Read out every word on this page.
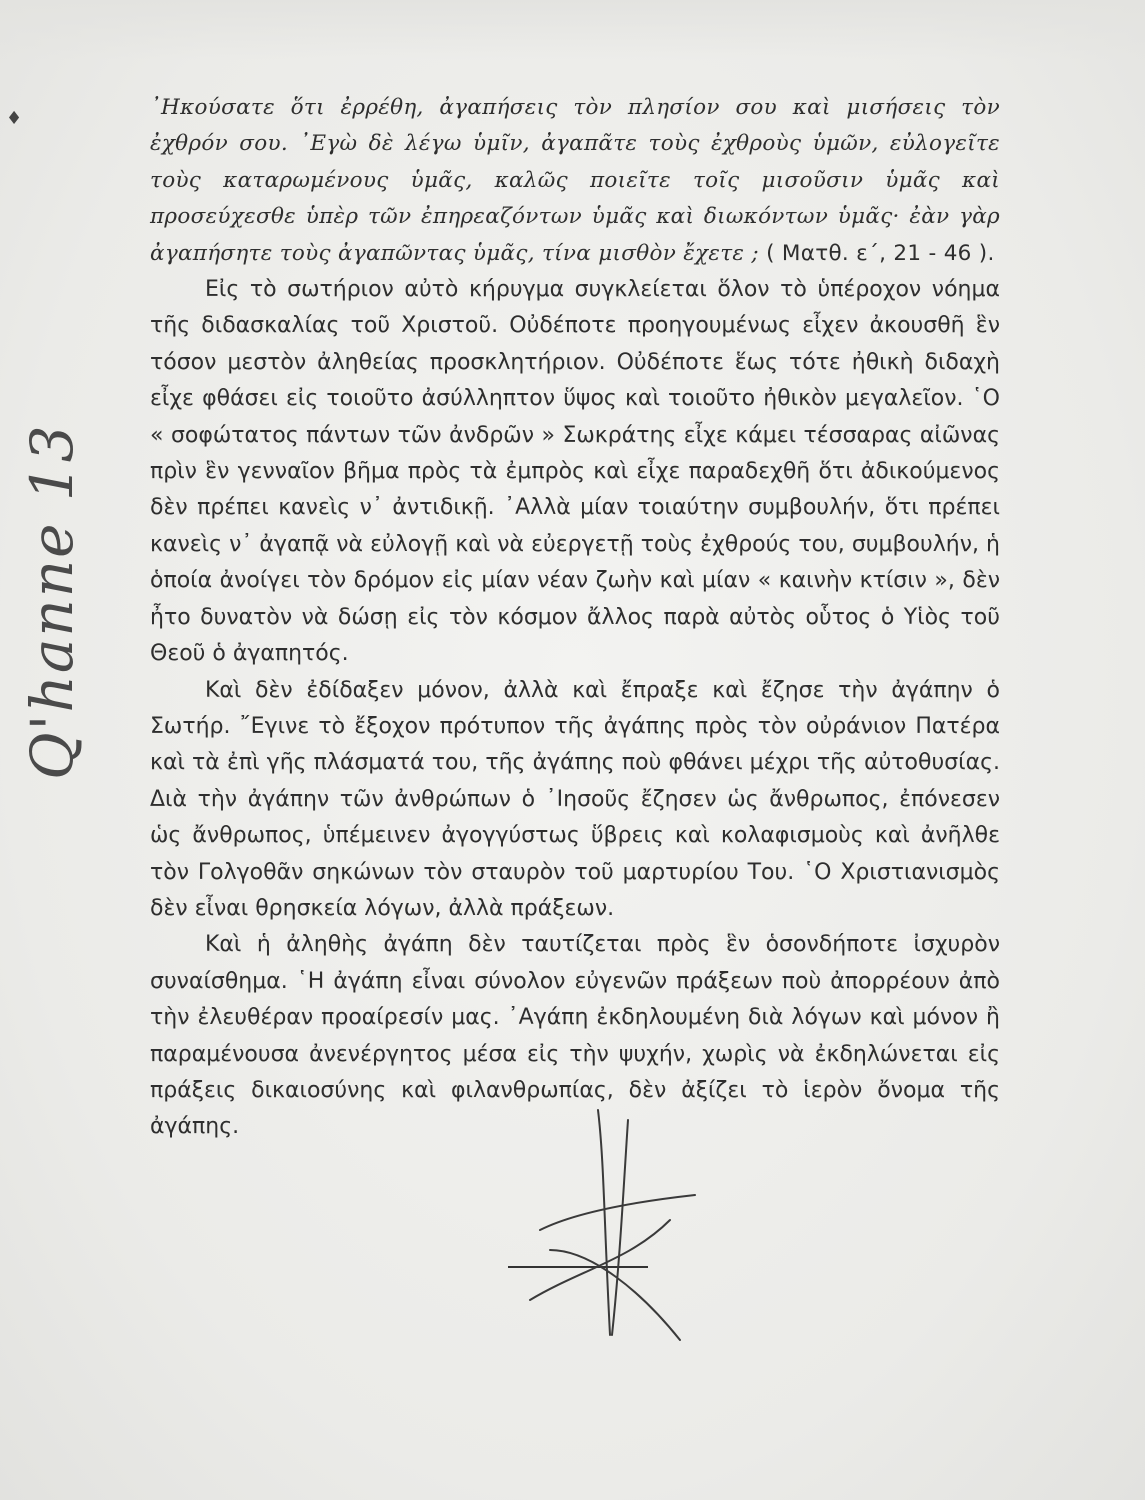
♦
Q'hanne 13

᾿Ηκούσατε ὅτι ἐρρέθη, ἀγαπήσεις τὸν πλησίον σου καὶ μισήσεις τὸν ἐχθρόν σου. ᾿Εγὼ δὲ λέγω ὑμῖν, ἀγαπᾶτε τοὺς ἐχθροὺς ὑμῶν, εὐλογεῖτε τοὺς καταρωμένους ὑμᾶς, καλῶς ποιεῖτε τοῖς μισοῦσιν ὑμᾶς καὶ προσεύχεσθε ὑπὲρ τῶν ἐπηρεαζόντων ὑμᾶς καὶ διωκόντων ὑμᾶς· ἐὰν γὰρ ἀγαπήσητε τοὺς ἀγαπῶντας ὑμᾶς, τίνα μισθὸν ἔχετε ; ( Ματθ. ε΄, 21 - 46 ).

Εἰς τὸ σωτήριον αὐτὸ κήρυγμα συγκλείεται ὅλον τὸ ὑπέροχον νόημα τῆς διδασκαλίας τοῦ Χριστοῦ. Οὐδέποτε προηγουμένως εἶχεν ἀκουσθῆ ἓν τόσον μεστὸν ἀληθείας προσκλητήριον. Οὐδέποτε ἕως τότε ἠθικὴ διδαχὴ εἶχε φθάσει εἰς τοιοῦτο ἀσύλληπτον ὕψος καὶ τοιοῦτο ἠθικὸν μεγαλεῖον. ῾Ο « σοφώτατος πάντων τῶν ἀνδρῶν » Σωκράτης εἶχε κάμει τέσσαρας αἰῶνας πρὶν ἓν γενναῖον βῆμα πρὸς τὰ ἐμπρὸς καὶ εἶχε παραδεχθῆ ὅτι ἀδικούμενος δὲν πρέπει κανεὶς ν᾿ ἀντιδικῇ. ᾿Αλλὰ μίαν τοιαύτην συμβουλήν, ὅτι πρέπει κανεὶς ν᾿ ἀγαπᾷ νὰ εὐλογῇ καὶ νὰ εὐεργετῇ τοὺς ἐχθρούς του, συμβουλήν, ἡ ὁποία ἀνοίγει τὸν δρόμον εἰς μίαν νέαν ζωὴν καὶ μίαν « καινὴν κτίσιν », δὲν ἦτο δυνατὸν νὰ δώσῃ εἰς τὸν κόσμον ἄλλος παρὰ αὐτὸς οὗτος ὁ Υἱὸς τοῦ Θεοῦ ὁ ἀγαπητός.

Καὶ δὲν ἐδίδαξεν μόνον, ἀλλὰ καὶ ἔπραξε καὶ ἔζησε τὴν ἀγάπην ὁ Σωτήρ. ῎Εγινε τὸ ἔξοχον πρότυπον τῆς ἀγάπης πρὸς τὸν οὐράνιον Πατέρα καὶ τὰ ἐπὶ γῆς πλάσματά του, τῆς ἀγάπης ποὺ φθάνει μέχρι τῆς αὐτοθυσίας. Διὰ τὴν ἀγάπην τῶν ἀνθρώπων ὁ ᾿Ιησοῦς ἔζησεν ὡς ἄνθρωπος, ἐπόνεσεν ὡς ἄνθρωπος, ὑπέμεινεν ἀγογγύστως ὕβρεις καὶ κολαφισμοὺς καὶ ἀνῆλθε τὸν Γολγοθᾶν σηκώνων τὸν σταυρὸν τοῦ μαρτυρίου Του. ῾Ο Χριστιανισμὸς δὲν εἶναι θρησκεία λόγων, ἀλλὰ πράξεων.

Καὶ ἡ ἀληθὴς ἀγάπη δὲν ταυτίζεται πρὸς ἓν ὁσονδήποτε ἰσχυρὸν συναίσθημα. ῾Η ἀγάπη εἶναι σύνολον εὐγενῶν πράξεων ποὺ ἀπορρέουν ἀπὸ τὴν ἐλευθέραν προαίρεσίν μας. ᾿Αγάπη ἐκδηλουμένη διὰ λόγων καὶ μόνον ἢ παραμένουσα ἀνενέργητος μέσα εἰς τὴν ψυχήν, χωρὶς νὰ ἐκδηλώνεται εἰς πράξεις δικαιοσύνης καὶ φιλανθρωπίας, δὲν ἀξίζει τὸ ἱερὸν ὄνομα τῆς ἀγάπης.
